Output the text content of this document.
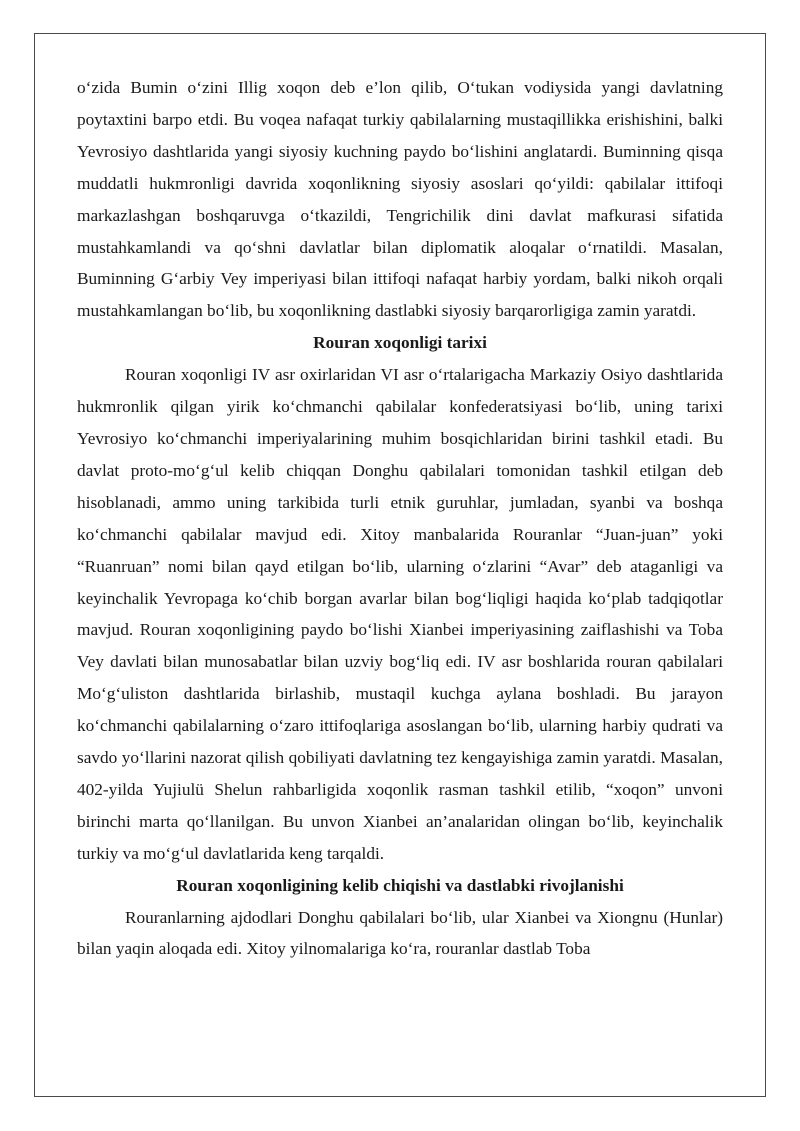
o‘zida Bumin o‘zini Illig xoqon deb e’lon qilib, O‘tukan vodiysida yangi davlatning poytaxtini barpo etdi. Bu voqea nafaqat turkiy qabilalarning mustaqillikka erishishini, balki Yevrosiyo dashtlarida yangi siyosiy kuchning paydo bo‘lishini anglatardi. Buminning qisqa muddatli hukmronligi davrida xoqonlikning siyosiy asoslari qo‘yildi: qabilalar ittifoqi markazlashgan boshqaruvga o‘tkazildi, Tengrichilik dini davlat mafkurasi sifatida mustahkamlandi va qo‘shni davlatlar bilan diplomatik aloqalar o‘rnatildi. Masalan, Buminning G‘arbiy Vey imperiyasi bilan ittifoqi nafaqat harbiy yordam, balki nikoh orqali mustahkamlangan bo‘lib, bu xoqonlikning dastlabki siyosiy barqarorligiga zamin yaratdi.

Rouran xoqonligi tarixi

Rouran xoqonligi IV asr oxirlaridan VI asr o‘rtalarigacha Markaziy Osiyo dashtlarida hukmronlik qilgan yirik ko‘chmanchi qabilalar konfederatsiyasi bo‘lib, uning tarixi Yevrosiyo ko‘chmanchi imperiyalarining muhim bosqichlaridan birini tashkil etadi. Bu davlat proto-mo‘g‘ul kelib chiqqan Donghu qabilalari tomonidan tashkil etilgan deb hisoblanadi, ammo uning tarkibida turli etnik guruhlar, jumladan, syanbi va boshqa ko‘chmanchi qabilalar mavjud edi. Xitoy manbalarida Rouranlar “Juan-juan” yoki “Ruanruan” nomi bilan qayd etilgan bo‘lib, ularning o‘zlarini “Avar” deb ataganligi va keyinchalik Yevropaga ko‘chib borgan avarlar bilan bog‘liqligi haqida ko‘plab tadqiqotlar mavjud. Rouran xoqonligining paydo bo‘lishi Xianbei imperiyasining zaiflashishi va Toba Vey davlati bilan munosabatlar bilan uzviy bog‘liq edi. IV asr boshlarida rouran qabilalari Mo‘g‘uliston dashtlarida birlashib, mustaqil kuchga aylana boshladi. Bu jarayon ko‘chmanchi qabilalarning o‘zaro ittifoqlariga asoslangan bo‘lib, ularning harbiy qudrati va savdo yo‘llarini nazorat qilish qobiliyati davlatning tez kengayishiga zamin yaratdi. Masalan, 402-yilda Yujiulü Shelun rahbarligida xoqonlik rasman tashkil etilib, “xoqon” unvoni birinchi marta qo‘llanilgan. Bu unvon Xianbei an’analaridan olingan bo‘lib, keyinchalik turkiy va mo‘g‘ul davlatlarida keng tarqaldi.

Rouran xoqonligining kelib chiqishi va dastlabki rivojlanishi

Rouranlarning ajdodlari Donghu qabilalari bo‘lib, ular Xianbei va Xiongnu (Hunlar) bilan yaqin aloqada edi. Xitoy yilnomalariga ko‘ra, rouranlar dastlab Toba
